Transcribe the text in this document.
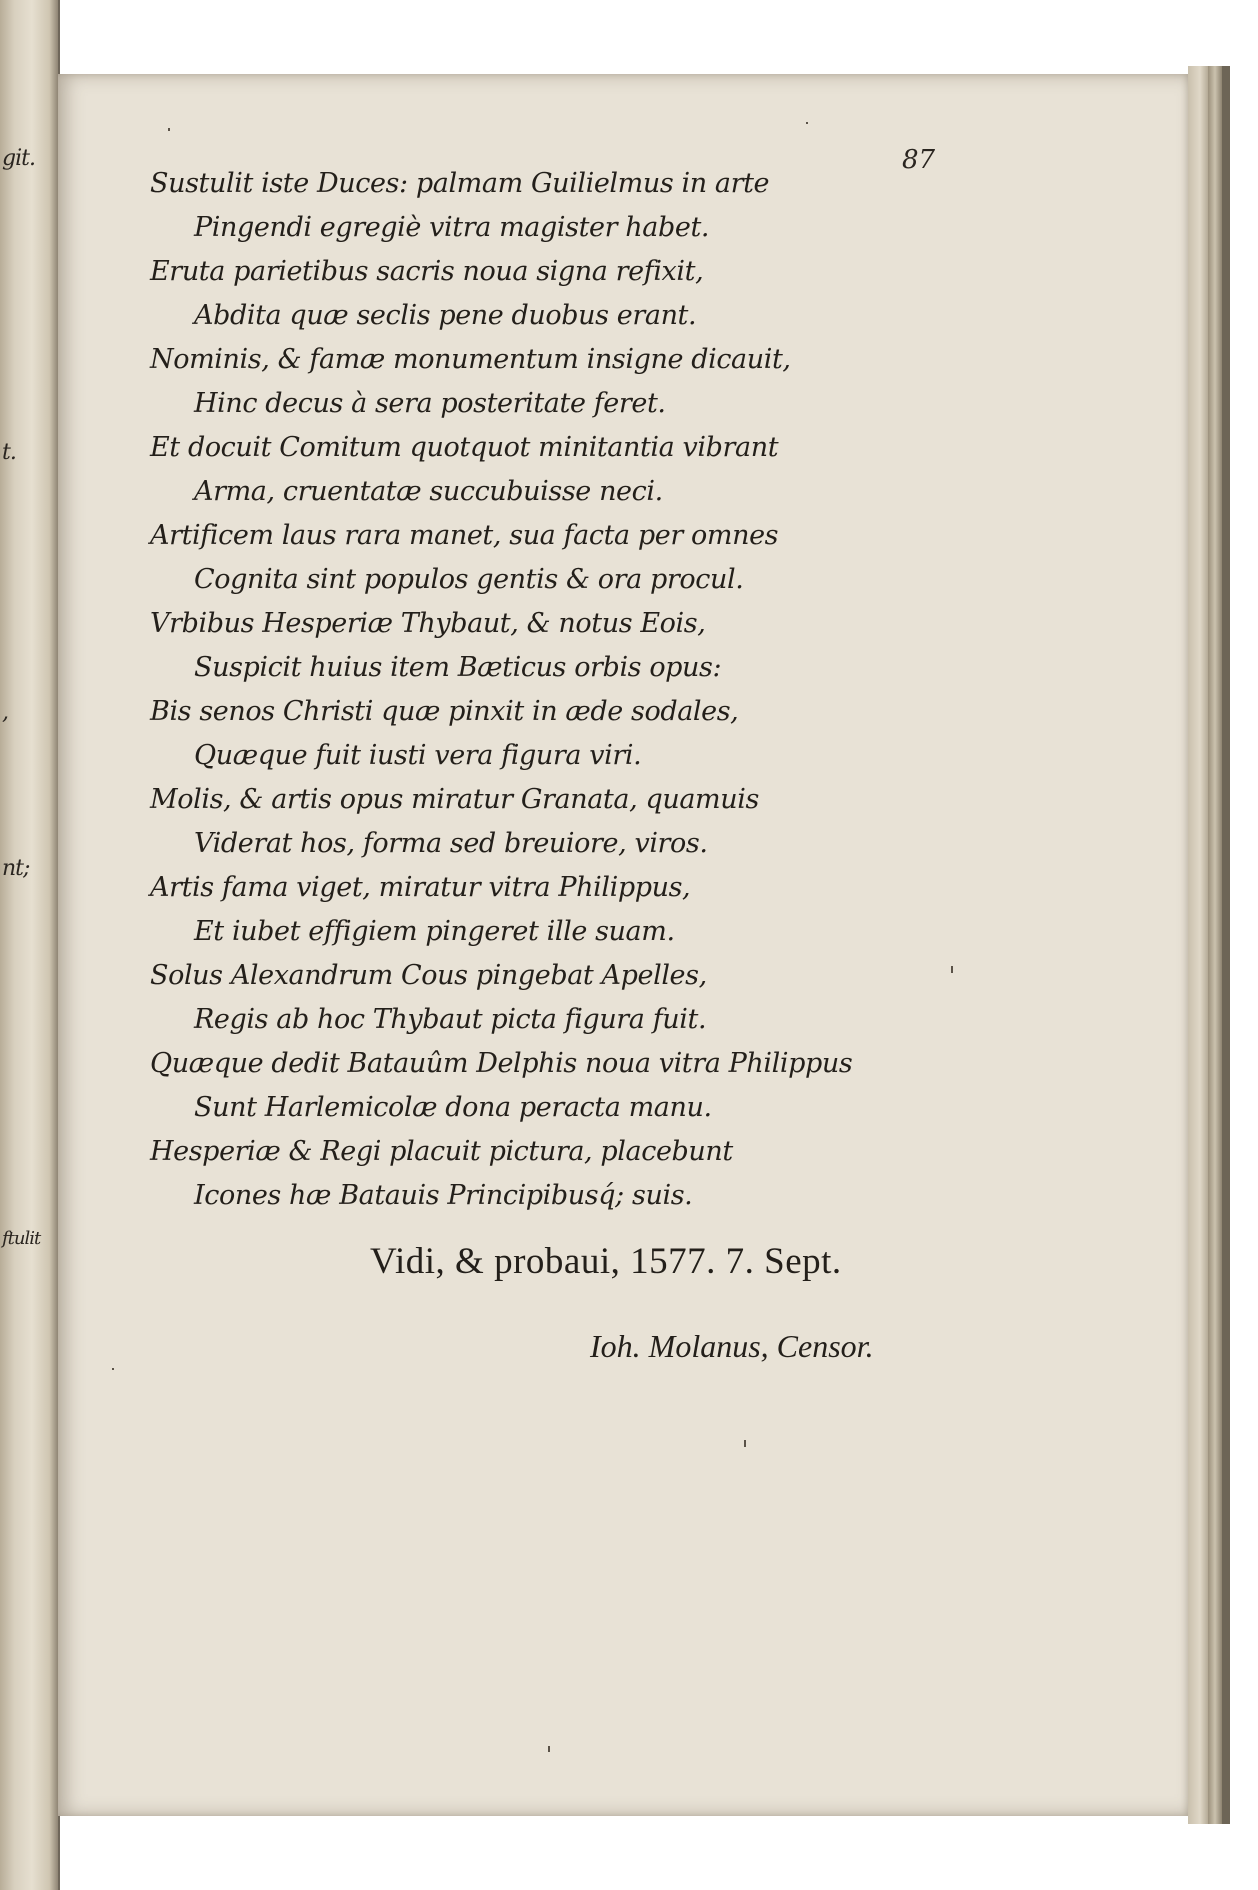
git.
t.
,
nt;
ftulit
87
Sustulit iste Duces: palmam Guilielmus in arte
Pingendi egregiè vitra magister habet.
Eruta parietibus sacris noua signa refixit,
Abdita quæ seclis pene duobus erant.
Nominis, & famæ monumentum insigne dicauit,
Hinc decus à sera posteritate feret.
Et docuit Comitum quotquot minitantia vibrant
Arma, cruentatæ succubuisse neci.
Artificem laus rara manet, sua facta per omnes
Cognita sint populos gentis & ora procul.
Vrbibus Hesperiæ Thybaut, & notus Eois,
Suspicit huius item Bæticus orbis opus:
Bis senos Christi quæ pinxit in æde sodales,
Quæque fuit iusti vera figura viri.
Molis, & artis opus miratur Granata, quamuis
Viderat hos, forma sed breuiore, viros.
Artis fama viget, miratur vitra Philippus,
Et iubet effigiem pingeret ille suam.
Solus Alexandrum Cous pingebat Apelles,
Regis ab hoc Thybaut picta figura fuit.
Quæque dedit Batauûm Delphis noua vitra Philippus
Sunt Harlemicolæ dona peracta manu.
Hesperiæ & Regi placuit pictura, placebunt
Icones hæ Batauis Principibusq́; suis.
Vidi, & probaui, 1577. 7. Sept.
Ioh. Molanus, Censor.
